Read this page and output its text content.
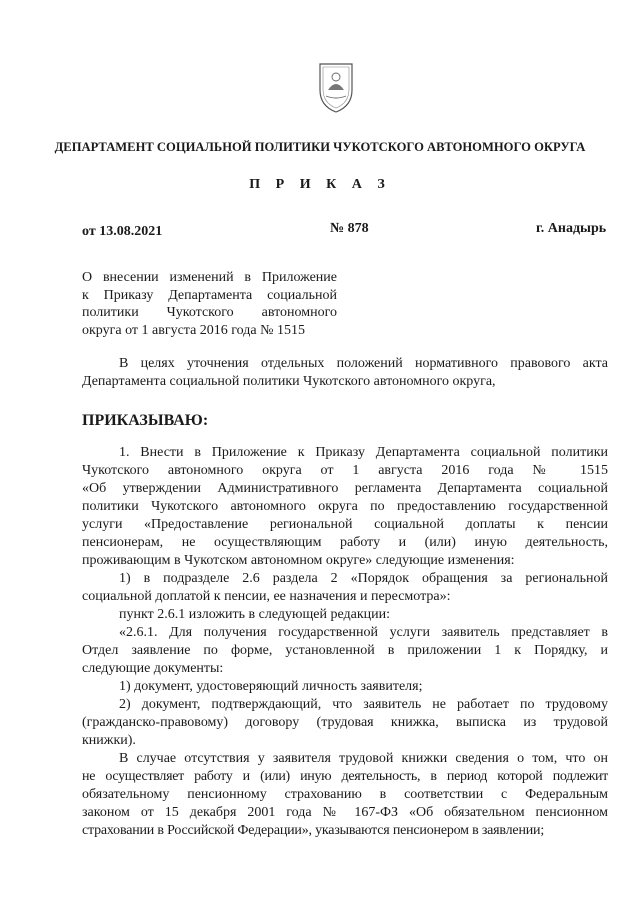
ДЕПАРТАМЕНТ СОЦИАЛЬНОЙ ПОЛИТИКИ ЧУКОТСКОГО АВТОНОМНОГО ОКРУГА
П Р И К А З
от 13.08.2021	№ 878	г. Анадырь
О внесении изменений в Приложение
к Приказу Департамента социальной
политики Чукотского автономного
округа от 1 августа 2016 года № 1515
В целях уточнения отдельных положений нормативного правового акта
Департамента социальной политики Чукотского автономного округа,
ПРИКАЗЫВАЮ:
1. Внести в Приложение к Приказу Департамента социальной политики
Чукотского автономного округа от 1 августа 2016 года № 1515
«Об утверждении Административного регламента Департамента социальной
политики Чукотского автономного округа по предоставлению государственной
услуги «Предоставление региональной социальной доплаты к пенсии
пенсионерам, не осуществляющим работу и (или) иную деятельность,
проживающим в Чукотском автономном округе» следующие изменения:
1) в подразделе 2.6 раздела 2 «Порядок обращения за региональной
социальной доплатой к пенсии, ее назначения и пересмотра»:
пункт 2.6.1 изложить в следующей редакции:
«2.6.1. Для получения государственной услуги заявитель представляет в
Отдел заявление по форме, установленной в приложении 1 к Порядку, и
следующие документы:
1) документ, удостоверяющий личность заявителя;
2) документ, подтверждающий, что заявитель не работает по трудовому
(гражданско-правовому) договору (трудовая книжка, выписка из трудовой
книжки).
В случае отсутствия у заявителя трудовой книжки сведения о том, что он
не осуществляет работу и (или) иную деятельность, в период которой подлежит
обязательному пенсионному страхованию в соответствии с Федеральным
законом от 15 декабря 2001 года № 167-ФЗ «Об обязательном пенсионном
страховании в Российской Федерации», указываются пенсионером в заявлении;
